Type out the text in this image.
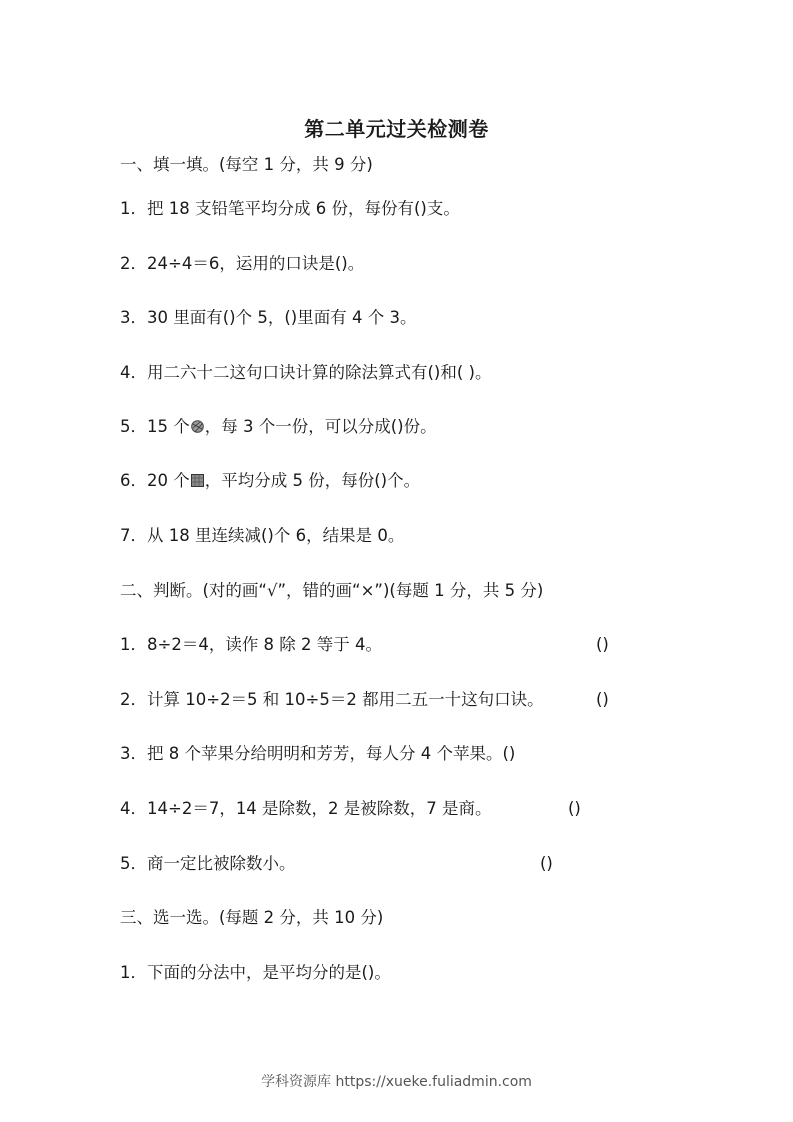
第二单元过关检测卷
一、填一填。(每空 1 分，共 9 分)
1．把 18 支铅笔平均分成 6 份，每份有()支。
2．24÷4＝6，运用的口诀是()。
3．30 里面有()个 5，()里面有 4 个 3。
4．用二六十二这句口诀计算的除法算式有()和( )。
5．15 个 ，每 3 个一份，可以分成()份。
6．20 个 ，平均分成 5 份，每份()个。
7．从 18 里连续减()个 6，结果是 0。
二、判断。(对的画“√”，错的画“×”)(每题 1 分，共 5 分)
1．8÷2＝4，读作 8 除 2 等于 4。	()
2．计算 10÷2＝5 和 10÷5＝2 都用二五一十这句口诀。	()
3．把 8 个苹果分给明明和芳芳，每人分 4 个苹果。()
4．14÷2＝7，14 是除数，2 是被除数，7 是商。	()
5．商一定比被除数小。	()
三、选一选。(每题 2 分，共 10 分)
1．下面的分法中，是平均分的是()。
学科资源库 https://xueke.fuliadmin.com
